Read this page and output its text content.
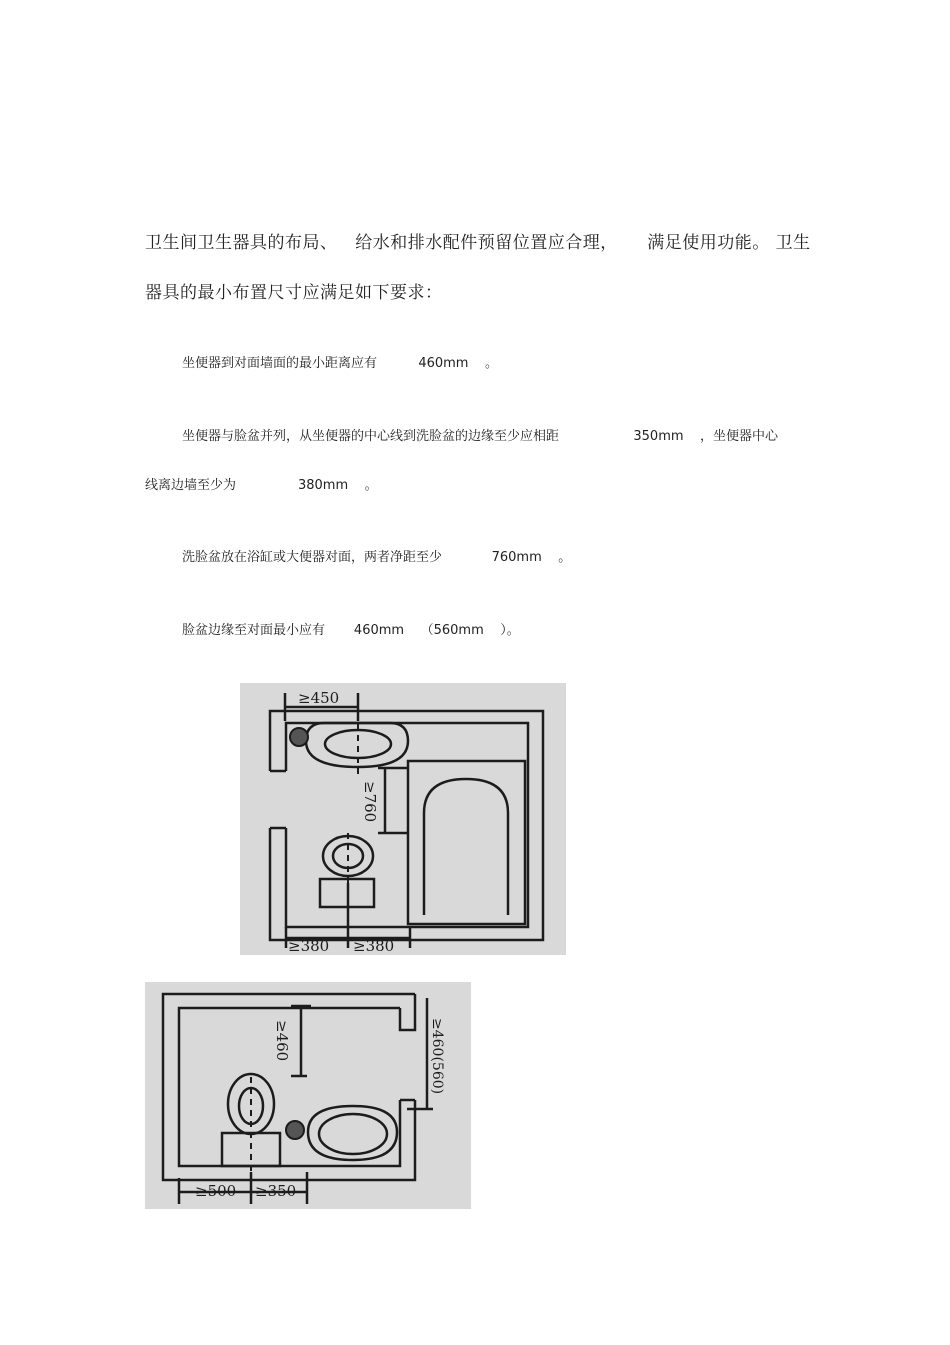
卫生间卫生器具的布局、   给水和排水配件预留位置应合理，     满足使用功能。 卫生
器具的最小布置尺寸应满足如下要求：
坐便器到对面墙面的最小距离应有          460mm    。
坐便器与脸盆并列，从坐便器的中心线到洗脸盆的边缘至少应相距                  350mm    ，坐便器中心
线离边墙至少为               380mm    。
洗脸盆放在浴缸或大便器对面，两者净距至少            760mm    。
脸盆边缘至对面最小应有       460mm    （560mm    ）。
≥450
≥760
≥380 ≥380
≥460	≥460(560)
≥500 ≥350
